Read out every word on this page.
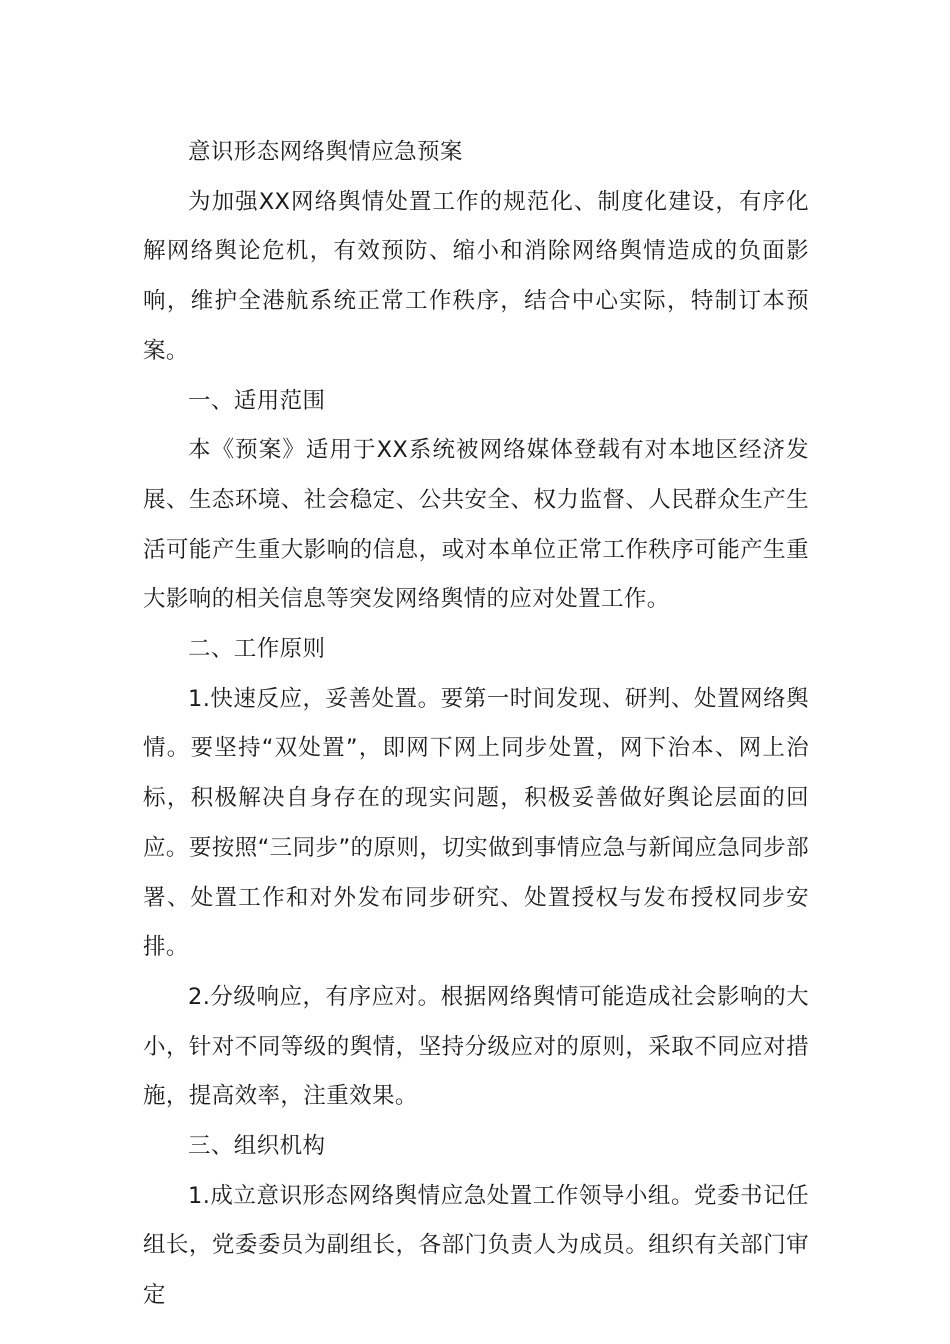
意识形态网络舆情应急预案

为加强XX网络舆情处置工作的规范化、制度化建设，有序化解网络舆论危机，有效预防、缩小和消除网络舆情造成的负面影响，维护全港航系统正常工作秩序，结合中心实际，特制订本预案。

一、适用范围

本《预案》适用于XX系统被网络媒体登载有对本地区经济发展、生态环境、社会稳定、公共安全、权力监督、人民群众生产生活可能产生重大影响的信息，或对本单位正常工作秩序可能产生重大影响的相关信息等突发网络舆情的应对处置工作。

二、工作原则

1.快速反应，妥善处置。要第一时间发现、研判、处置网络舆情。要坚持“双处置”，即网下网上同步处置，网下治本、网上治标，积极解决自身存在的现实问题，积极妥善做好舆论层面的回应。要按照“三同步”的原则，切实做到事情应急与新闻应急同步部署、处置工作和对外发布同步研究、处置授权与发布授权同步安排。

2.分级响应，有序应对。根据网络舆情可能造成社会影响的大小，针对不同等级的舆情，坚持分级应对的原则，采取不同应对措施，提高效率，注重效果。

三、组织机构

1.成立意识形态网络舆情应急处置工作领导小组。党委书记任组长，党委委员为副组长，各部门负责人为成员。组织有关部门审定
